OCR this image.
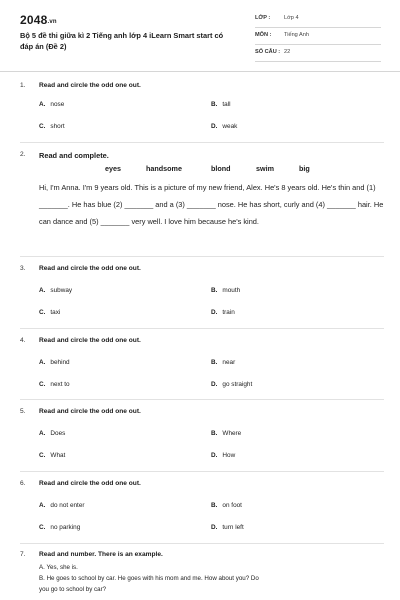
2048.vn
Bộ 5 đề thi giữa kì 2 Tiếng anh lớp 4 iLearn Smart start có đáp án (Đề 2)
LỚP : Lớp 4
MÔN : Tiếng Anh
SỐ CÂU : 22
1. Read and circle the odd one out.
A. nose	B. tall
C. short	D. weak
2. Read and complete.
eyes	handsome	blond	swim	big
Hi, I'm Anna. I'm 9 years old. This is a picture of my new friend, Alex. He's 8 years old. He's thin and (1) _______. He has blue (2) _______ and a (3) _______ nose. He has short, curly and (4) _______ hair. He can dance and (5) _______ very well. I love him because he's kind.
3. Read and circle the odd one out.
A. subway	B. mouth
C. taxi	D. train
4. Read and circle the odd one out.
A. behind	B. near
C. next to	D. go straight
5. Read and circle the odd one out.
A. Does	B. Where
C. What	D. How
6. Read and circle the odd one out.
A. do not enter	B. on foot
C. no parking	D. turn left
7. Read and number. There is an example.
A. Yes, she is.
B. He goes to school by car. He goes with his mom and me. How about you? Do
you go to school by car?
